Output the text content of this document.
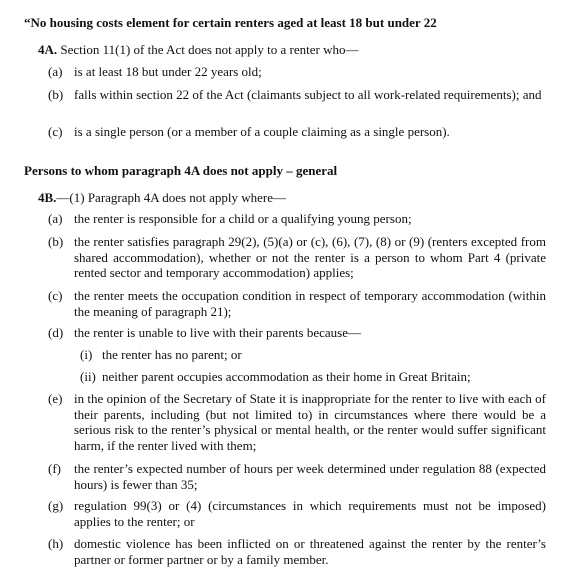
“No housing costs element for certain renters aged at least 18 but under 22
4A. Section 11(1) of the Act does not apply to a renter who—
(a) is at least 18 but under 22 years old;
(b) falls within section 22 of the Act (claimants subject to all work-related requirements); and
(c) is a single person (or a member of a couple claiming as a single person).
Persons to whom paragraph 4A does not apply – general
4B.—(1) Paragraph 4A does not apply where—
(a) the renter is responsible for a child or a qualifying young person;
(b) the renter satisfies paragraph 29(2), (5)(a) or (c), (6), (7), (8) or (9) (renters excepted from shared accommodation), whether or not the renter is a person to whom Part 4 (private rented sector and temporary accommodation) applies;
(c) the renter meets the occupation condition in respect of temporary accommodation (within the meaning of paragraph 21);
(d) the renter is unable to live with their parents because—
(i) the renter has no parent; or
(ii) neither parent occupies accommodation as their home in Great Britain;
(e) in the opinion of the Secretary of State it is inappropriate for the renter to live with each of their parents, including (but not limited to) in circumstances where there would be a serious risk to the renter’s physical or mental health, or the renter would suffer significant harm, if the renter lived with them;
(f)	the renter’s expected number of hours per week determined under regulation 88 (expected hours) is fewer than 35;
(g) regulation 99(3) or (4) (circumstances in which requirements must not be imposed) applies to the renter; or
(h) domestic violence has been inflicted on or threatened against the renter by the renter’s partner or former partner or by a family member.
